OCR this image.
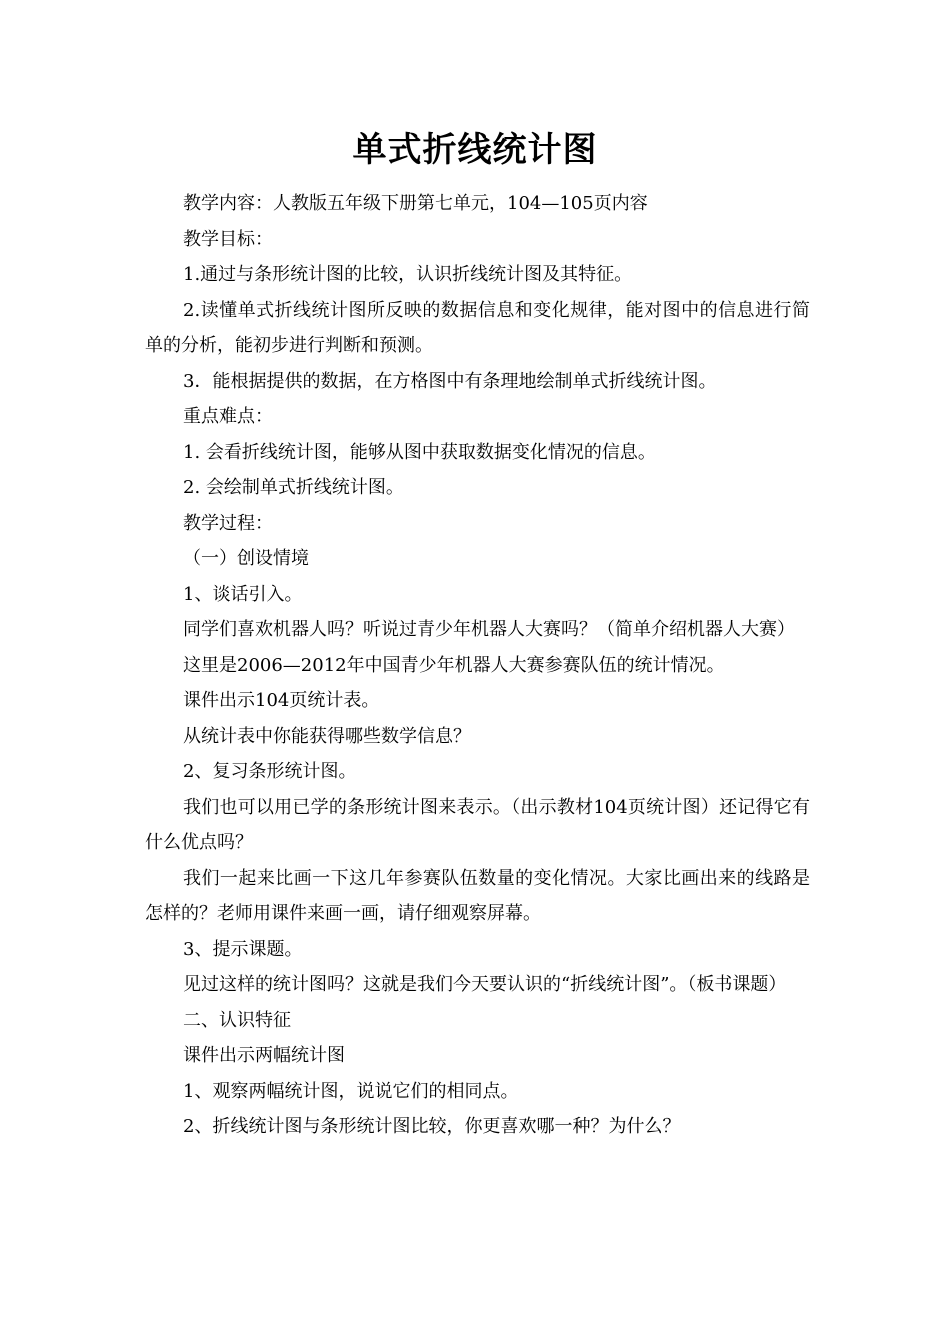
单式折线统计图

教学内容：人教版五年级下册第七单元，104—105页内容

教学目标：

1.通过与条形统计图的比较，认识折线统计图及其特征。

2.读懂单式折线统计图所反映的数据信息和变化规律，能对图中的信息进行简单的分析，能初步进行判断和预测。

3．能根据提供的数据，在方格图中有条理地绘制单式折线统计图。

重点难点：

1. 会看折线统计图，能够从图中获取数据变化情况的信息。

2. 会绘制单式折线统计图。

教学过程：

（一）创设情境

1、谈话引入。

同学们喜欢机器人吗？听说过青少年机器人大赛吗？（简单介绍机器人大赛）

这里是2006—2012年中国青少年机器人大赛参赛队伍的统计情况。

课件出示104页统计表。

从统计表中你能获得哪些数学信息？

2、复习条形统计图。

我们也可以用已学的条形统计图来表示。（出示教材104页统计图）还记得它有什么优点吗？

我们一起来比画一下这几年参赛队伍数量的变化情况。大家比画出来的线路是怎样的？老师用课件来画一画，请仔细观察屏幕。

3、提示课题。

见过这样的统计图吗？这就是我们今天要认识的“折线统计图”。（板书课题）

二、认识特征

课件出示两幅统计图

1、观察两幅统计图，说说它们的相同点。

2、折线统计图与条形统计图比较，你更喜欢哪一种？为什么？
